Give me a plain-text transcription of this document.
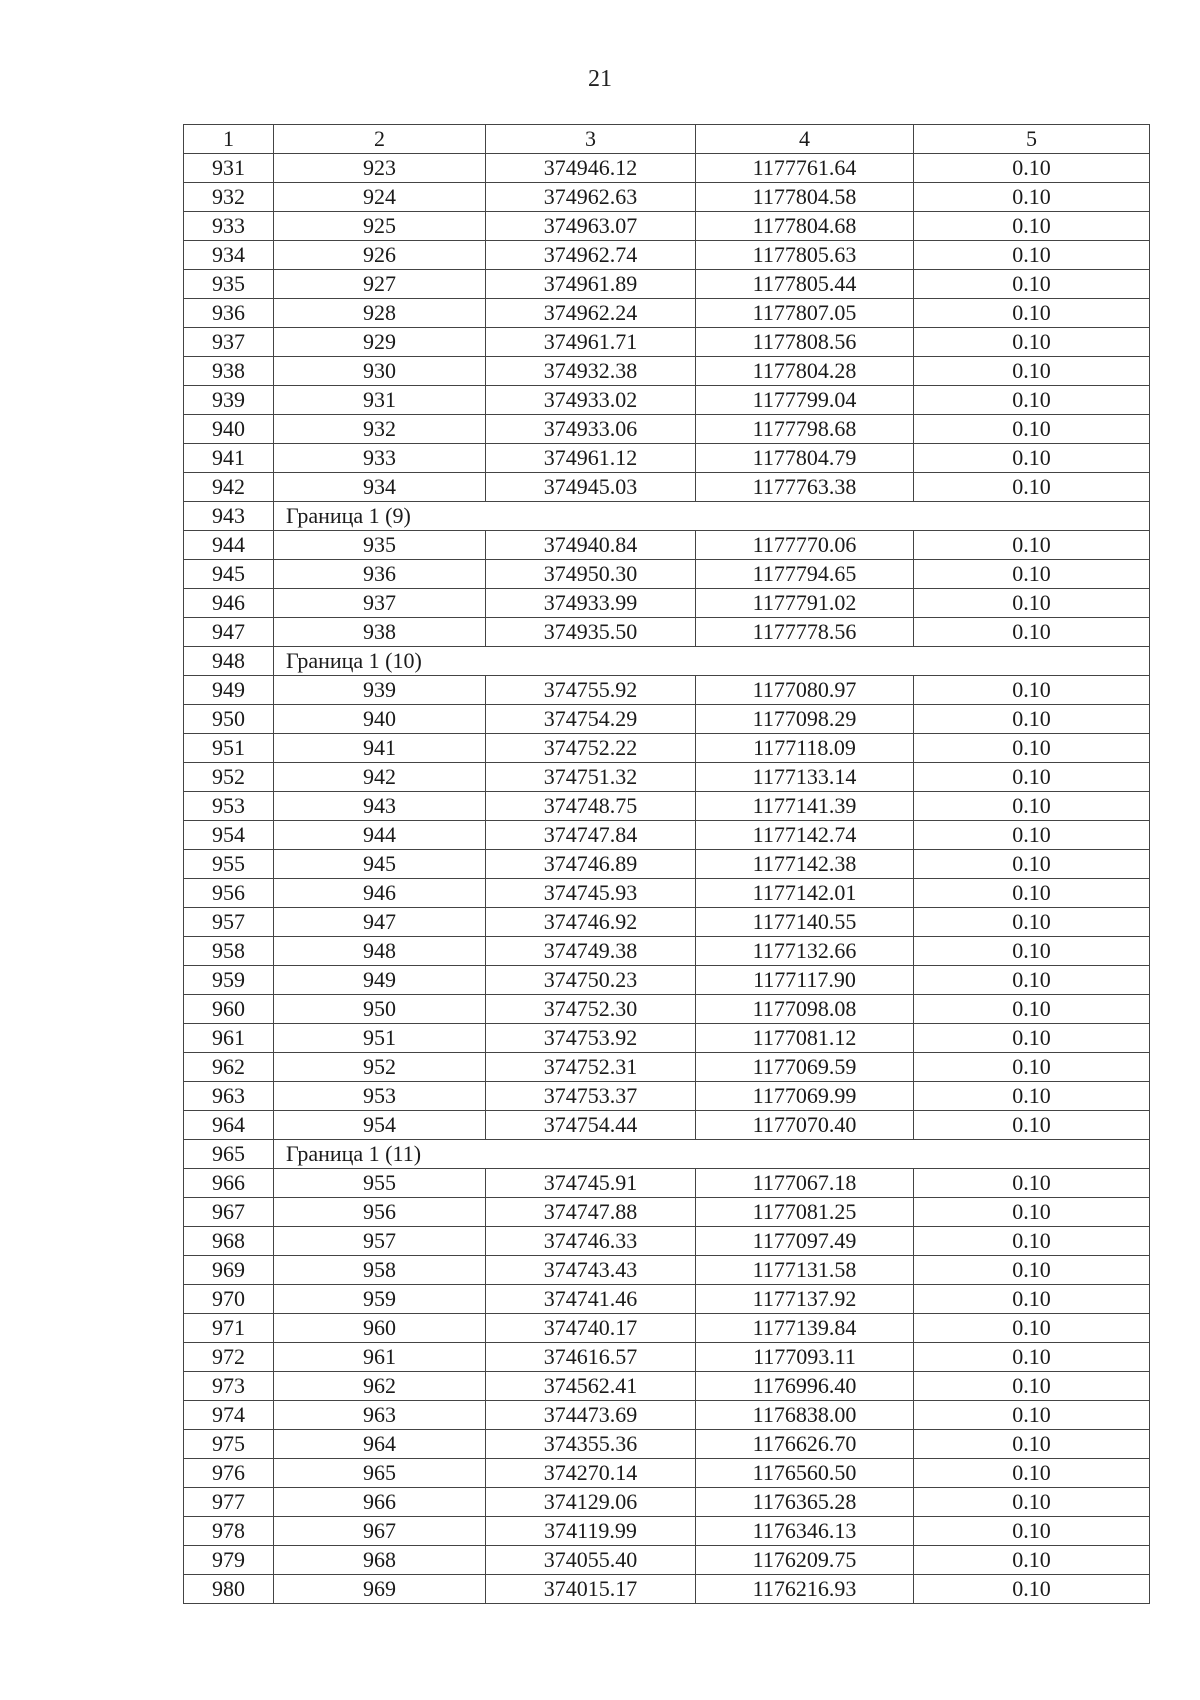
21
1	2	3	4	5
931	923	374946.12	1177761.64	0.10
932	924	374962.63	1177804.58	0.10
933	925	374963.07	1177804.68	0.10
934	926	374962.74	1177805.63	0.10
935	927	374961.89	1177805.44	0.10
936	928	374962.24	1177807.05	0.10
937	929	374961.71	1177808.56	0.10
938	930	374932.38	1177804.28	0.10
939	931	374933.02	1177799.04	0.10
940	932	374933.06	1177798.68	0.10
941	933	374961.12	1177804.79	0.10
942	934	374945.03	1177763.38	0.10
943	Граница 1 (9)			
944	935	374940.84	1177770.06	0.10
945	936	374950.30	1177794.65	0.10
946	937	374933.99	1177791.02	0.10
947	938	374935.50	1177778.56	0.10
948	Граница 1 (10)			
949	939	374755.92	1177080.97	0.10
950	940	374754.29	1177098.29	0.10
951	941	374752.22	1177118.09	0.10
952	942	374751.32	1177133.14	0.10
953	943	374748.75	1177141.39	0.10
954	944	374747.84	1177142.74	0.10
955	945	374746.89	1177142.38	0.10
956	946	374745.93	1177142.01	0.10
957	947	374746.92	1177140.55	0.10
958	948	374749.38	1177132.66	0.10
959	949	374750.23	1177117.90	0.10
960	950	374752.30	1177098.08	0.10
961	951	374753.92	1177081.12	0.10
962	952	374752.31	1177069.59	0.10
963	953	374753.37	1177069.99	0.10
964	954	374754.44	1177070.40	0.10
965	Граница 1 (11)			
966	955	374745.91	1177067.18	0.10
967	956	374747.88	1177081.25	0.10
968	957	374746.33	1177097.49	0.10
969	958	374743.43	1177131.58	0.10
970	959	374741.46	1177137.92	0.10
971	960	374740.17	1177139.84	0.10
972	961	374616.57	1177093.11	0.10
973	962	374562.41	1176996.40	0.10
974	963	374473.69	1176838.00	0.10
975	964	374355.36	1176626.70	0.10
976	965	374270.14	1176560.50	0.10
977	966	374129.06	1176365.28	0.10
978	967	374119.99	1176346.13	0.10
979	968	374055.40	1176209.75	0.10
980	969	374015.17	1176216.93	0.10
